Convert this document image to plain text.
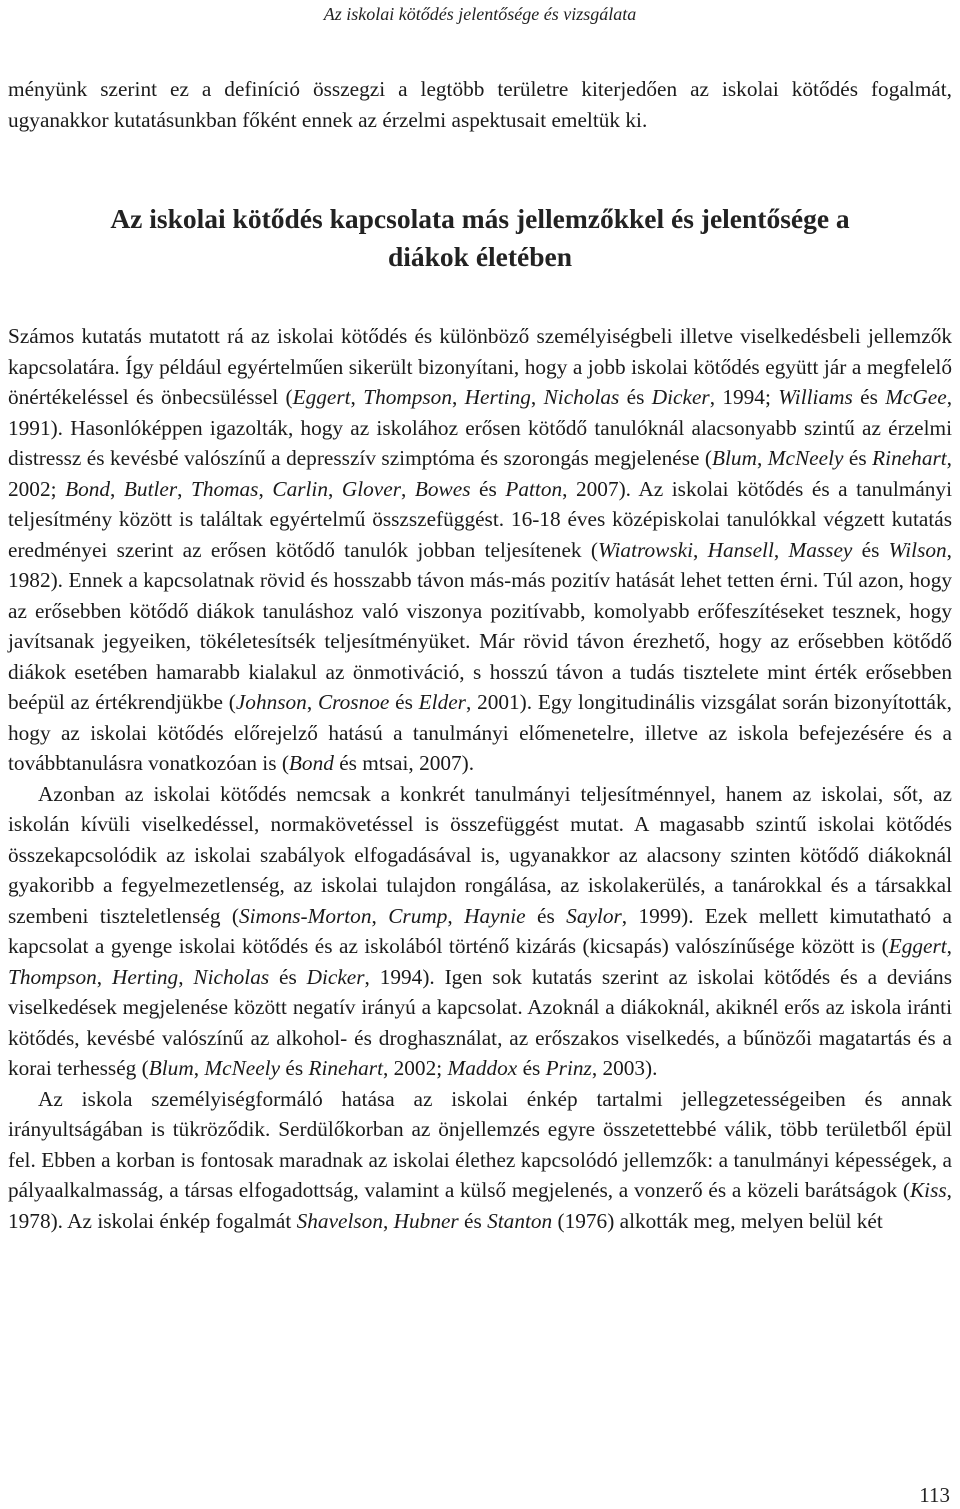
Az iskolai kötődés jelentősége és vizsgálata

ményünk szerint ez a definíció összegzi a legtöbb területre kiterjedően az iskolai kötődés fogalmát, ugyanakkor kutatásunkban főként ennek az érzelmi aspektusait emeltük ki.

Az iskolai kötődés kapcsolata más jellemzőkkel és jelentősége a
diákok életében

Számos kutatás mutatott rá az iskolai kötődés és különböző személyiségbeli illetve viselkedésbeli jellemzők kapcsolatára. Így például egyértelműen sikerült bizonyítani, hogy a jobb iskolai kötődés együtt jár a megfelelő önértékeléssel és önbecsüléssel (Eggert, Thompson, Herting, Nicholas és Dicker, 1994; Williams és McGee, 1991). Hasonlóképpen igazolták, hogy az iskolához erősen kötődő tanulóknál alacsonyabb szintű az érzelmi distressz és kevésbé valószínű a depresszív szimptóma és szorongás megjelenése (Blum, McNeely és Rinehart, 2002; Bond, Butler, Thomas, Carlin, Glover, Bowes és Patton, 2007). Az iskolai kötődés és a tanulmányi teljesítmény között is találtak egyértelmű összszefüggést. 16-18 éves középiskolai tanulókkal végzett kutatás eredményei szerint az erősen kötődő tanulók jobban teljesítenek (Wiatrowski, Hansell, Massey és Wilson, 1982). Ennek a kapcsolatnak rövid és hosszabb távon más-más pozitív hatását lehet tetten érni. Túl azon, hogy az erősebben kötődő diákok tanuláshoz való viszonya pozitívabb, komolyabb erőfeszítéseket tesznek, hogy javítsanak jegyeiken, tökéletesítsék teljesítményüket. Már rövid távon érezhető, hogy az erősebben kötődő diákok esetében hamarabb kialakul az önmotiváció, s hosszú távon a tudás tisztelete mint érték erősebben beépül az értékrendjükbe (Johnson, Crosnoe és Elder, 2001). Egy longitudinális vizsgálat során bizonyították, hogy az iskolai kötődés előrejelző hatású a tanulmányi előmenetelre, illetve az iskola befejezésére és a továbbtanulásra vonatkozóan is (Bond és mtsai, 2007).

Azonban az iskolai kötődés nemcsak a konkrét tanulmányi teljesítménnyel, hanem az iskolai, sőt, az iskolán kívüli viselkedéssel, normakövetéssel is összefüggést mutat. A magasabb szintű iskolai kötődés összekapcsolódik az iskolai szabályok elfogadásával is, ugyanakkor az alacsony szinten kötődő diákoknál gyakoribb a fegyelmezetlenség, az iskolai tulajdon rongálása, az iskolakerülés, a tanárokkal és a társakkal szembeni tiszteletlenség (Simons-Morton, Crump, Haynie és Saylor, 1999). Ezek mellett kimutatható a kapcsolat a gyenge iskolai kötődés és az iskolából történő kizárás (kicsapás) valószínűsége között is (Eggert, Thompson, Herting, Nicholas és Dicker, 1994). Igen sok kutatás szerint az iskolai kötődés és a deviáns viselkedések megjelenése között negatív irányú a kapcsolat. Azoknál a diákoknál, akiknél erős az iskola iránti kötődés, kevésbé valószínű az alkohol- és droghasználat, az erőszakos viselkedés, a bűnözői magatartás és a korai terhesség (Blum, McNeely és Rinehart, 2002; Maddox és Prinz, 2003).

Az iskola személyiségformáló hatása az iskolai énkép tartalmi jellegzetességeiben és annak irányultságában is tükröződik. Serdülőkorban az önjellemzés egyre összetettebbé válik, több területből épül fel. Ebben a korban is fontosak maradnak az iskolai élethez kapcsolódó jellemzők: a tanulmányi képességek, a pályaalkalmasság, a társas elfogadottság, valamint a külső megjelenés, a vonzerő és a közeli barátságok (Kiss, 1978). Az iskolai énkép fogalmát Shavelson, Hubner és Stanton (1976) alkották meg, melyen belül két

113
